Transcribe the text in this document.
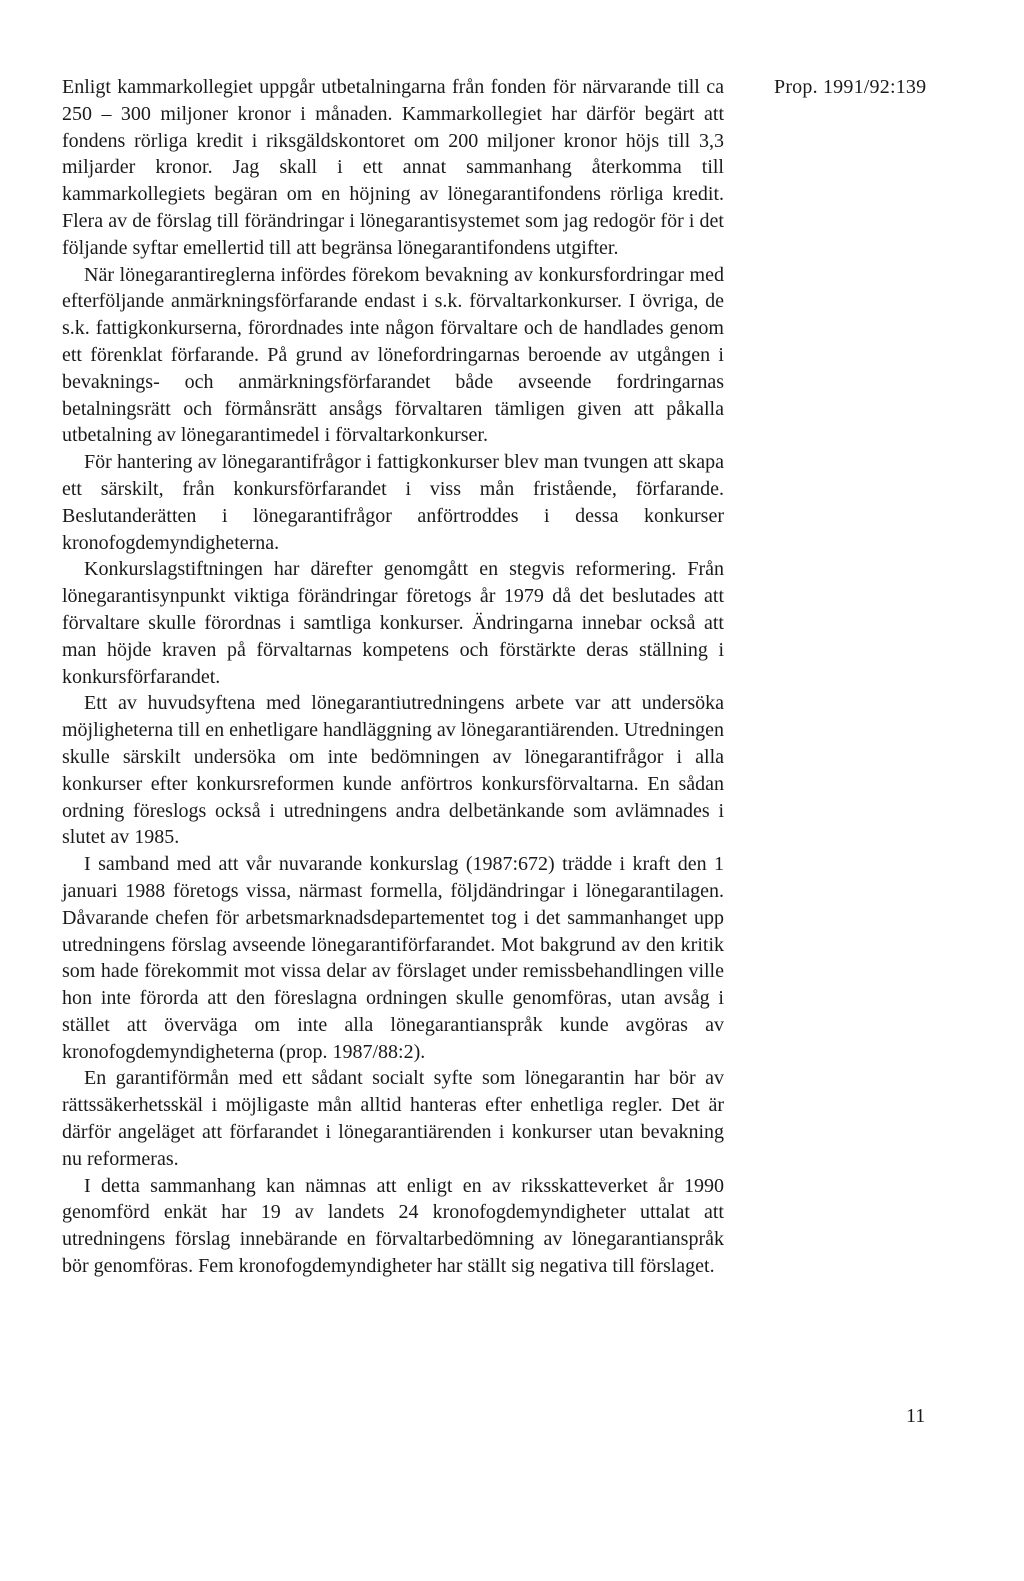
Prop. 1991/92:139

Enligt kammarkollegiet uppgår utbetalningarna från fonden för närvarande till ca 250 – 300 miljoner kronor i månaden. Kammarkollegiet har därför begärt att fondens rörliga kredit i riksgäldskontoret om 200 miljoner kronor höjs till 3,3 miljarder kronor. Jag skall i ett annat sammanhang återkomma till kammarkollegiets begäran om en höjning av lönegarantifondens rörliga kredit. Flera av de förslag till förändringar i lönegarantisystemet som jag redogör för i det följande syftar emellertid till att begränsa lönegarantifondens utgifter.

När lönegarantireglerna infördes förekom bevakning av konkursfordringar med efterföljande anmärkningsförfarande endast i s.k. förvaltarkonkurser. I övriga, de s.k. fattigkonkurserna, förordnades inte någon förvaltare och de handlades genom ett förenklat förfarande. På grund av lönefordringarnas beroende av utgången i bevaknings- och anmärkningsförfarandet både avseende fordringarnas betalningsrätt och förmånsrätt ansågs förvaltaren tämligen given att påkalla utbetalning av lönegarantimedel i förvaltarkonkurser.

För hantering av lönegarantifrågor i fattigkonkurser blev man tvungen att skapa ett särskilt, från konkursförfarandet i viss mån fristående, förfarande. Beslutanderätten i lönegarantifrågor anförtroddes i dessa konkurser kronofogdemyndigheterna.

Konkurslagstiftningen har därefter genomgått en stegvis reformering. Från lönegarantisynpunkt viktiga förändringar företogs år 1979 då det beslutades att förvaltare skulle förordnas i samtliga konkurser. Ändringarna innebar också att man höjde kraven på förvaltarnas kompetens och förstärkte deras ställning i konkursförfarandet.

Ett av huvudsyftena med lönegarantiutredningens arbete var att undersöka möjligheterna till en enhetligare handläggning av lönegarantiärenden. Utredningen skulle särskilt undersöka om inte bedömningen av lönegarantifrågor i alla konkurser efter konkursreformen kunde anförtros konkursförvaltarna. En sådan ordning föreslogs också i utredningens andra delbetänkande som avlämnades i slutet av 1985.

I samband med att vår nuvarande konkurslag (1987:672) trädde i kraft den 1 januari 1988 företogs vissa, närmast formella, följdändringar i lönegarantilagen. Dåvarande chefen för arbetsmarknadsdepartementet tog i det sammanhanget upp utredningens förslag avseende lönegarantiförfarandet. Mot bakgrund av den kritik som hade förekommit mot vissa delar av förslaget under remissbehandlingen ville hon inte förorda att den föreslagna ordningen skulle genomföras, utan avsåg i stället att överväga om inte alla lönegarantianspråk kunde avgöras av kronofogdemyndigheterna (prop. 1987/88:2).

En garantiförmån med ett sådant socialt syfte som lönegarantin har bör av rättssäkerhetsskäl i möjligaste mån alltid hanteras efter enhetliga regler. Det är därför angeläget att förfarandet i lönegarantiärenden i konkurser utan bevakning nu reformeras.

I detta sammanhang kan nämnas att enligt en av riksskatteverket år 1990 genomförd enkät har 19 av landets 24 kronofogdemyndigheter uttalat att utredningens förslag innebärande en förvaltarbedömning av lönegarantianspråk bör genomföras. Fem kronofogdemyndigheter har ställt sig negativa till förslaget.

11
